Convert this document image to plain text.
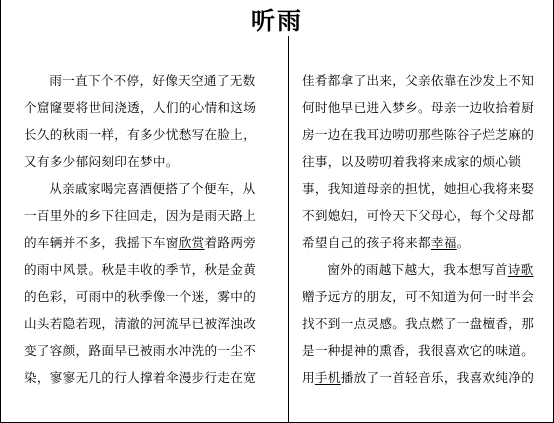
听雨

雨一直下个不停，好像天空通了无数
个窟窿要将世间浇透，人们的心情和这场
长久的秋雨一样，有多少忧愁写在脸上，
又有多少郁闷刻印在梦中。

从亲戚家喝完喜酒便搭了个便车，从
一百里外的乡下往回走，因为是雨天路上
的车辆并不多，我摇下车窗欣赏着路两旁
的雨中风景。秋是丰收的季节，秋是金黄
的色彩，可雨中的秋季像一个迷，雾中的
山头若隐若现，清澈的河流早已被浑浊改
变了容颜，路面早已被雨水冲洗的一尘不
染，寥寥无几的行人撑着伞漫步行走在宽

佳肴都拿了出来，父亲依靠在沙发上不知
何时他早已进入梦乡。母亲一边收拾着厨
房一边在我耳边唠叨那些陈谷子烂芝麻的
往事，以及唠叨着我将来成家的烦心锁
事，我知道母亲的担忧，她担心我将来娶
不到媳妇，可怜天下父母心，每个父母都
希望自己的孩子将来都幸福。

窗外的雨越下越大，我本想写首诗歌
赠予远方的朋友，可不知道为何一时半会
找不到一点灵感。我点燃了一盘檀香，那
是一种提神的熏香，我很喜欢它的味道。
用手机播放了一首轻音乐，我喜欢纯净的
